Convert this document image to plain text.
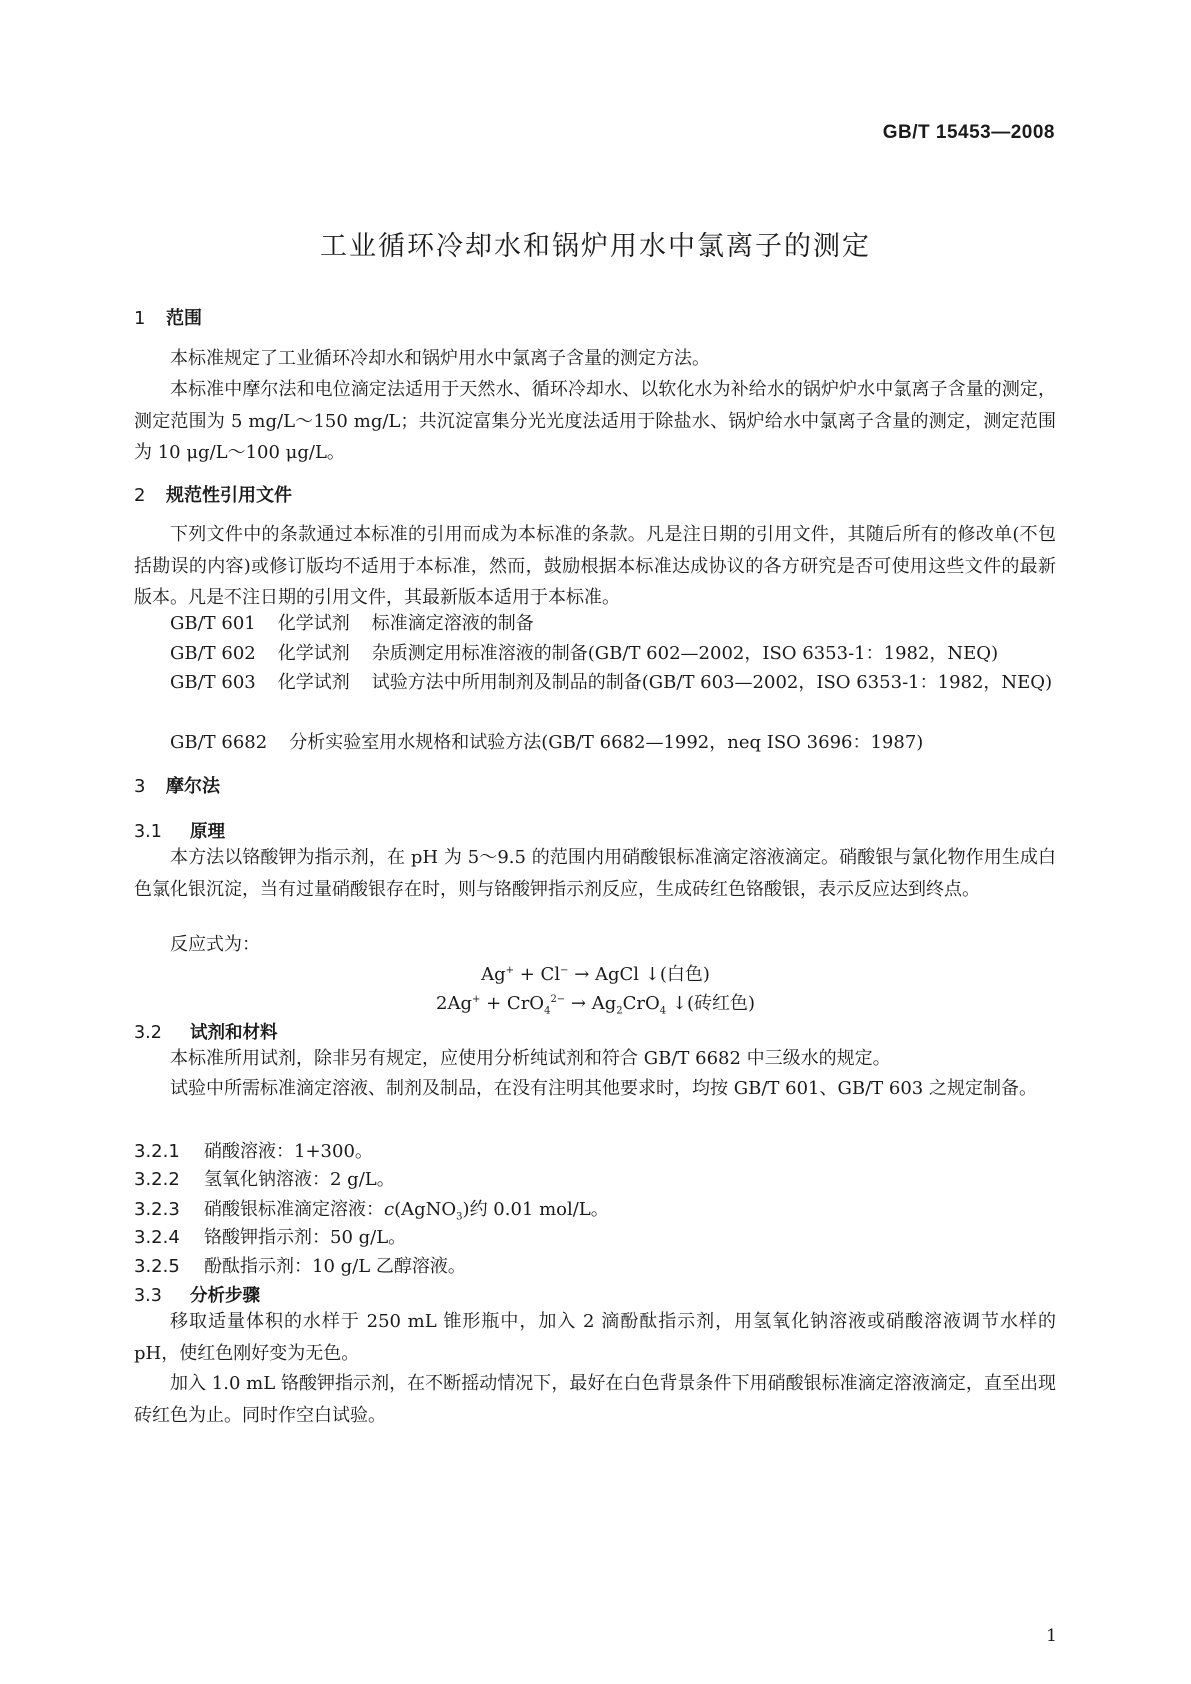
GB/T 15453—2008
工业循环冷却水和锅炉用水中氯离子的测定
1 范围
本标准规定了工业循环冷却水和锅炉用水中氯离子含量的测定方法。
本标准中摩尔法和电位滴定法适用于天然水、循环冷却水、以软化水为补给水的锅炉炉水中氯离子含量的测定，测定范围为 5 mg/L～150 mg/L；共沉淀富集分光光度法适用于除盐水、锅炉给水中氯离子含量的测定，测定范围为 10 μg/L～100 μg/L。
2 规范性引用文件
下列文件中的条款通过本标准的引用而成为本标准的条款。凡是注日期的引用文件，其随后所有的修改单(不包括勘误的内容)或修订版均不适用于本标准，然而，鼓励根据本标准达成协议的各方研究是否可使用这些文件的最新版本。凡是不注日期的引用文件，其最新版本适用于本标准。
GB/T 601 化学试剂 标准滴定溶液的制备
GB/T 602 化学试剂 杂质测定用标准溶液的制备(GB/T 602—2002，ISO 6353-1：1982，NEQ)
GB/T 603 化学试剂 试验方法中所用制剂及制品的制备(GB/T 603—2002，ISO 6353-1：1982，NEQ)
GB/T 6682 分析实验室用水规格和试验方法(GB/T 6682—1992，neq ISO 3696：1987)
3 摩尔法
3.1 原理
本方法以铬酸钾为指示剂，在 pH 为 5～9.5 的范围内用硝酸银标准滴定溶液滴定。硝酸银与氯化物作用生成白色氯化银沉淀，当有过量硝酸银存在时，则与铬酸钾指示剂反应，生成砖红色铬酸银，表示反应达到终点。
反应式为：
Ag+ + Cl− → AgCl ↓(白色)
$2Ag^+ + CrO_4^{2-} \to Ag_2CrO_4$ ↓(砖红色)
3.2 试剂和材料
本标准所用试剂，除非另有规定，应使用分析纯试剂和符合 GB/T 6682 中三级水的规定。
试验中所需标准滴定溶液、制剂及制品，在没有注明其他要求时，均按 GB/T 601、GB/T 603 之规定制备。
3.2.1 硝酸溶液：1+300。
3.2.2 氢氧化钠溶液：2 g/L。
3.2.3 硝酸银标准滴定溶液：c(AgNO$_3$)约 0.01 mol/L。
3.2.4 铬酸钾指示剂：50 g/L。
3.2.5 酚酞指示剂：10 g/L 乙醇溶液。
3.3 分析步骤
移取适量体积的水样于 250 mL 锥形瓶中，加入 2 滴酚酞指示剂，用氢氧化钠溶液或硝酸溶液调节水样的 pH，使红色刚好变为无色。
加入 1.0 mL 铬酸钾指示剂，在不断摇动情况下，最好在白色背景条件下用硝酸银标准滴定溶液滴定，直至出现砖红色为止。同时作空白试验。
1
